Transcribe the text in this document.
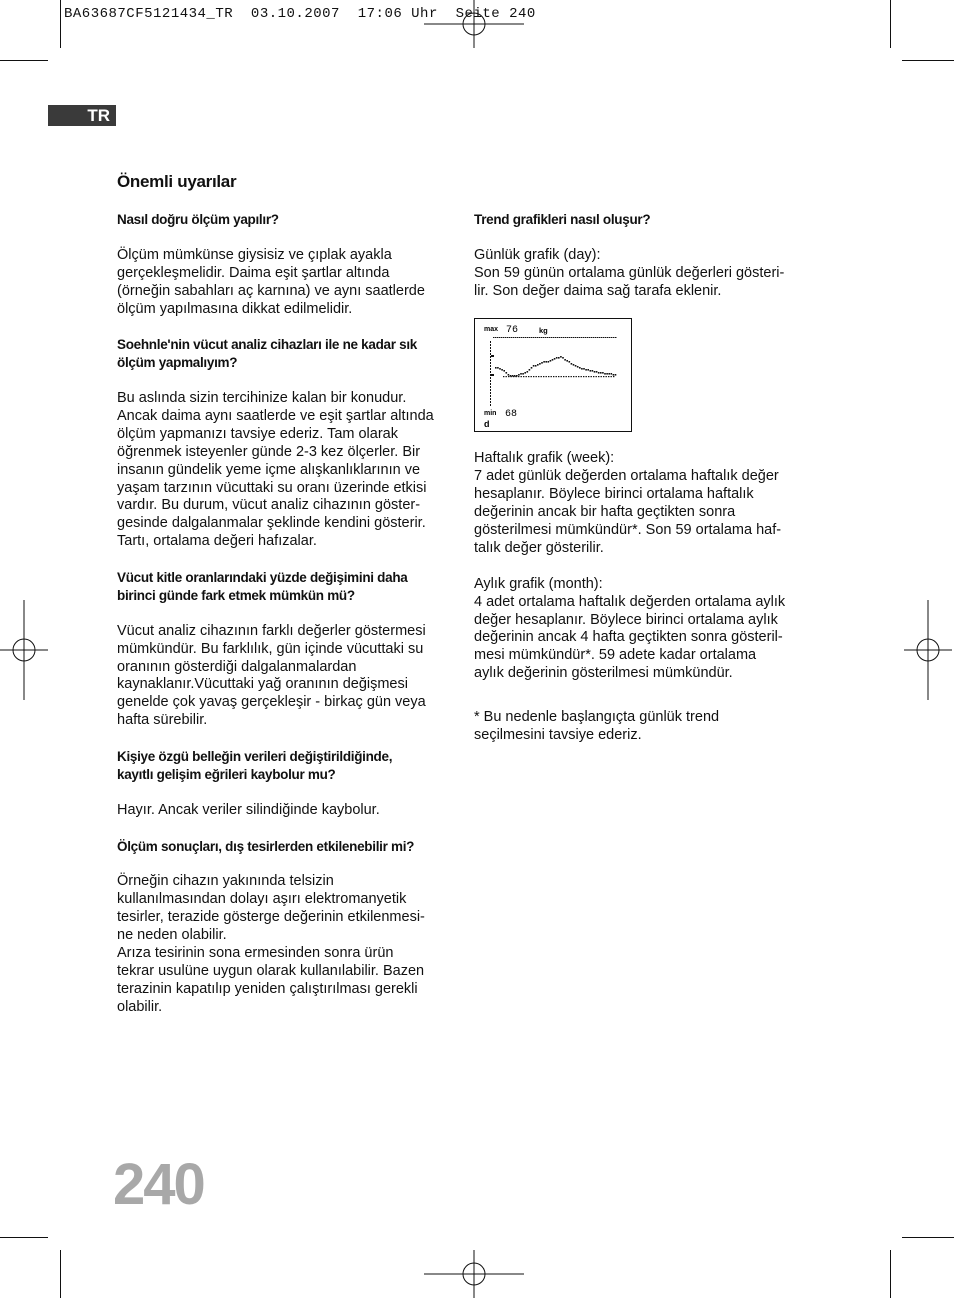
BA63687CF5121434_TR  03.10.2007  17:06 Uhr  Seite 240
TR
Önemli uyarılar
Nasıl doğru ölçüm yapılır?
Ölçüm mümkünse giysisiz ve çıplak ayakla
gerçekleşmelidir. Daima eşit şartlar altında
(örneğin sabahları aç karnına) ve aynı saatlerde
ölçüm yapılmasına dikkat edilmelidir.
Soehnle'nin vücut analiz cihazları ile ne kadar sık
ölçüm yapmalıyım?
Bu aslında sizin tercihinize kalan bir konudur.
Ancak daima aynı saatlerde ve eşit şartlar altında
ölçüm yapmanızı tavsiye ederiz. Tam olarak
öğrenmek isteyenler günde 2-3 kez ölçerler. Bir
insanın gündelik yeme içme alışkanlıklarının ve
yaşam tarzının vücuttaki su oranı üzerinde etkisi
vardır. Bu durum, vücut analiz cihazının göster-
gesinde dalgalanmalar şeklinde kendini gösterir.
Tartı, ortalama değeri hafızalar.
Vücut kitle oranlarındaki yüzde değişimini daha
birinci günde fark etmek mümkün mü?
Vücut analiz cihazının farklı değerler göstermesi
mümkündür. Bu farklılık, gün içinde vücuttaki su
oranının gösterdiği dalgalanmalardan
kaynaklanır.Vücuttaki yağ oranının değişmesi
genelde çok yavaş gerçekleşir - birkaç gün veya
hafta sürebilir.
Kişiye özgü belleğin verileri değiştirildiğinde,
kayıtlı gelişim eğrileri kaybolur mu?
Hayır. Ancak veriler silindiğinde kaybolur.
Ölçüm sonuçları, dış tesirlerden etkilenebilir mi?
Örneğin cihazın yakınında telsizin
kullanılmasından dolayı aşırı elektromanyetik
tesirler, terazide gösterge değerinin etkilenmesi-
ne neden olabilir.
Arıza tesirinin sona ermesinden sonra ürün
tekrar usulüne uygun olarak kullanılabilir. Bazen
terazinin kapatılıp yeniden çalıştırılması gerekli
olabilir.
Trend grafikleri nasıl oluşur?
Günlük grafik (day):
Son 59 günün ortalama günlük değerleri gösteri-
lir. Son değer daima sağ tarafa eklenir.
max 76	kg
min 68
d
Haftalık grafik (week):
7 adet günlük değerden ortalama haftalık değer
hesaplanır. Böylece birinci ortalama haftalık
değerinin ancak bir hafta geçtikten sonra
gösterilmesi mümkündür*. Son 59 ortalama haf-
talık değer gösterilir.
Aylık grafik (month):
4 adet ortalama haftalık değerden ortalama aylık
değer hesaplanır. Böylece birinci ortalama aylık
değerinin ancak 4 hafta geçtikten sonra gösteril-
mesi mümkündür*. 59 adete kadar ortalama
aylık değerinin gösterilmesi mümkündür.
* Bu nedenle başlangıçta günlük trend
seçilmesini tavsiye ederiz.
240
